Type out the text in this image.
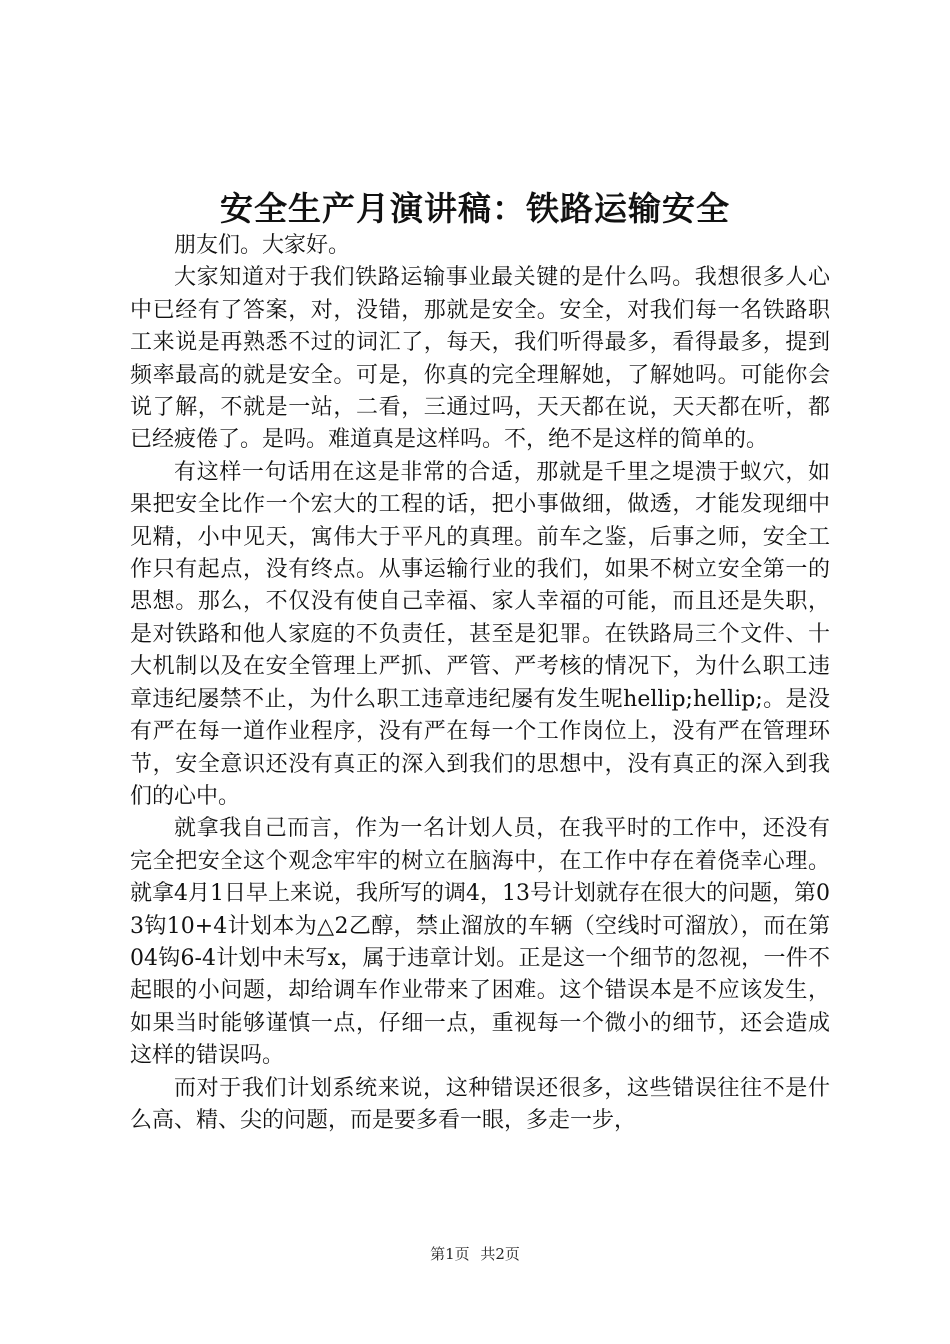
安全生产月演讲稿：铁路运输安全

朋友们。大家好。

大家知道对于我们铁路运输事业最关键的是什么吗。我想很多人心中已经有了答案，对，没错，那就是安全。安全，对我们每一名铁路职工来说是再熟悉不过的词汇了，每天，我们听得最多，看得最多，提到频率最高的就是安全。可是，你真的完全理解她，了解她吗。可能你会说了解，不就是一站，二看，三通过吗，天天都在说，天天都在听，都已经疲倦了。是吗。难道真是这样吗。不，绝不是这样的简单的。

有这样一句话用在这是非常的合适，那就是千里之堤溃于蚁穴，如果把安全比作一个宏大的工程的话，把小事做细，做透，才能发现细中见精，小中见天，寓伟大于平凡的真理。前车之鉴，后事之师，安全工作只有起点，没有终点。从事运输行业的我们，如果不树立安全第一的思想。那么，不仅没有使自己幸福、家人幸福的可能，而且还是失职，是对铁路和他人家庭的不负责任，甚至是犯罪。在铁路局三个文件、十大机制以及在安全管理上严抓、严管、严考核的情况下，为什么职工违章违纪屡禁不止，为什么职工违章违纪屡有发生呢hellip;hellip;。是没有严在每一道作业程序，没有严在每一个工作岗位上，没有严在管理环节，安全意识还没有真正的深入到我们的思想中，没有真正的深入到我们的心中。

就拿我自己而言，作为一名计划人员，在我平时的工作中，还没有完全把安全这个观念牢牢的树立在脑海中，在工作中存在着侥幸心理。就拿4月1日早上来说，我所写的调4，13号计划就存在很大的问题，第03钩10+4计划本为△2乙醇，禁止溜放的车辆（空线时可溜放），而在第04钩6-4计划中未写x，属于违章计划。正是这一个细节的忽视，一件不起眼的小问题，却给调车作业带来了困难。这个错误本是不应该发生，如果当时能够谨慎一点，仔细一点，重视每一个微小的细节，还会造成这样的错误吗。

而对于我们计划系统来说，这种错误还很多，这些错误往往不是什么高、精、尖的问题，而是要多看一眼，多走一步，

第1页 共2页
